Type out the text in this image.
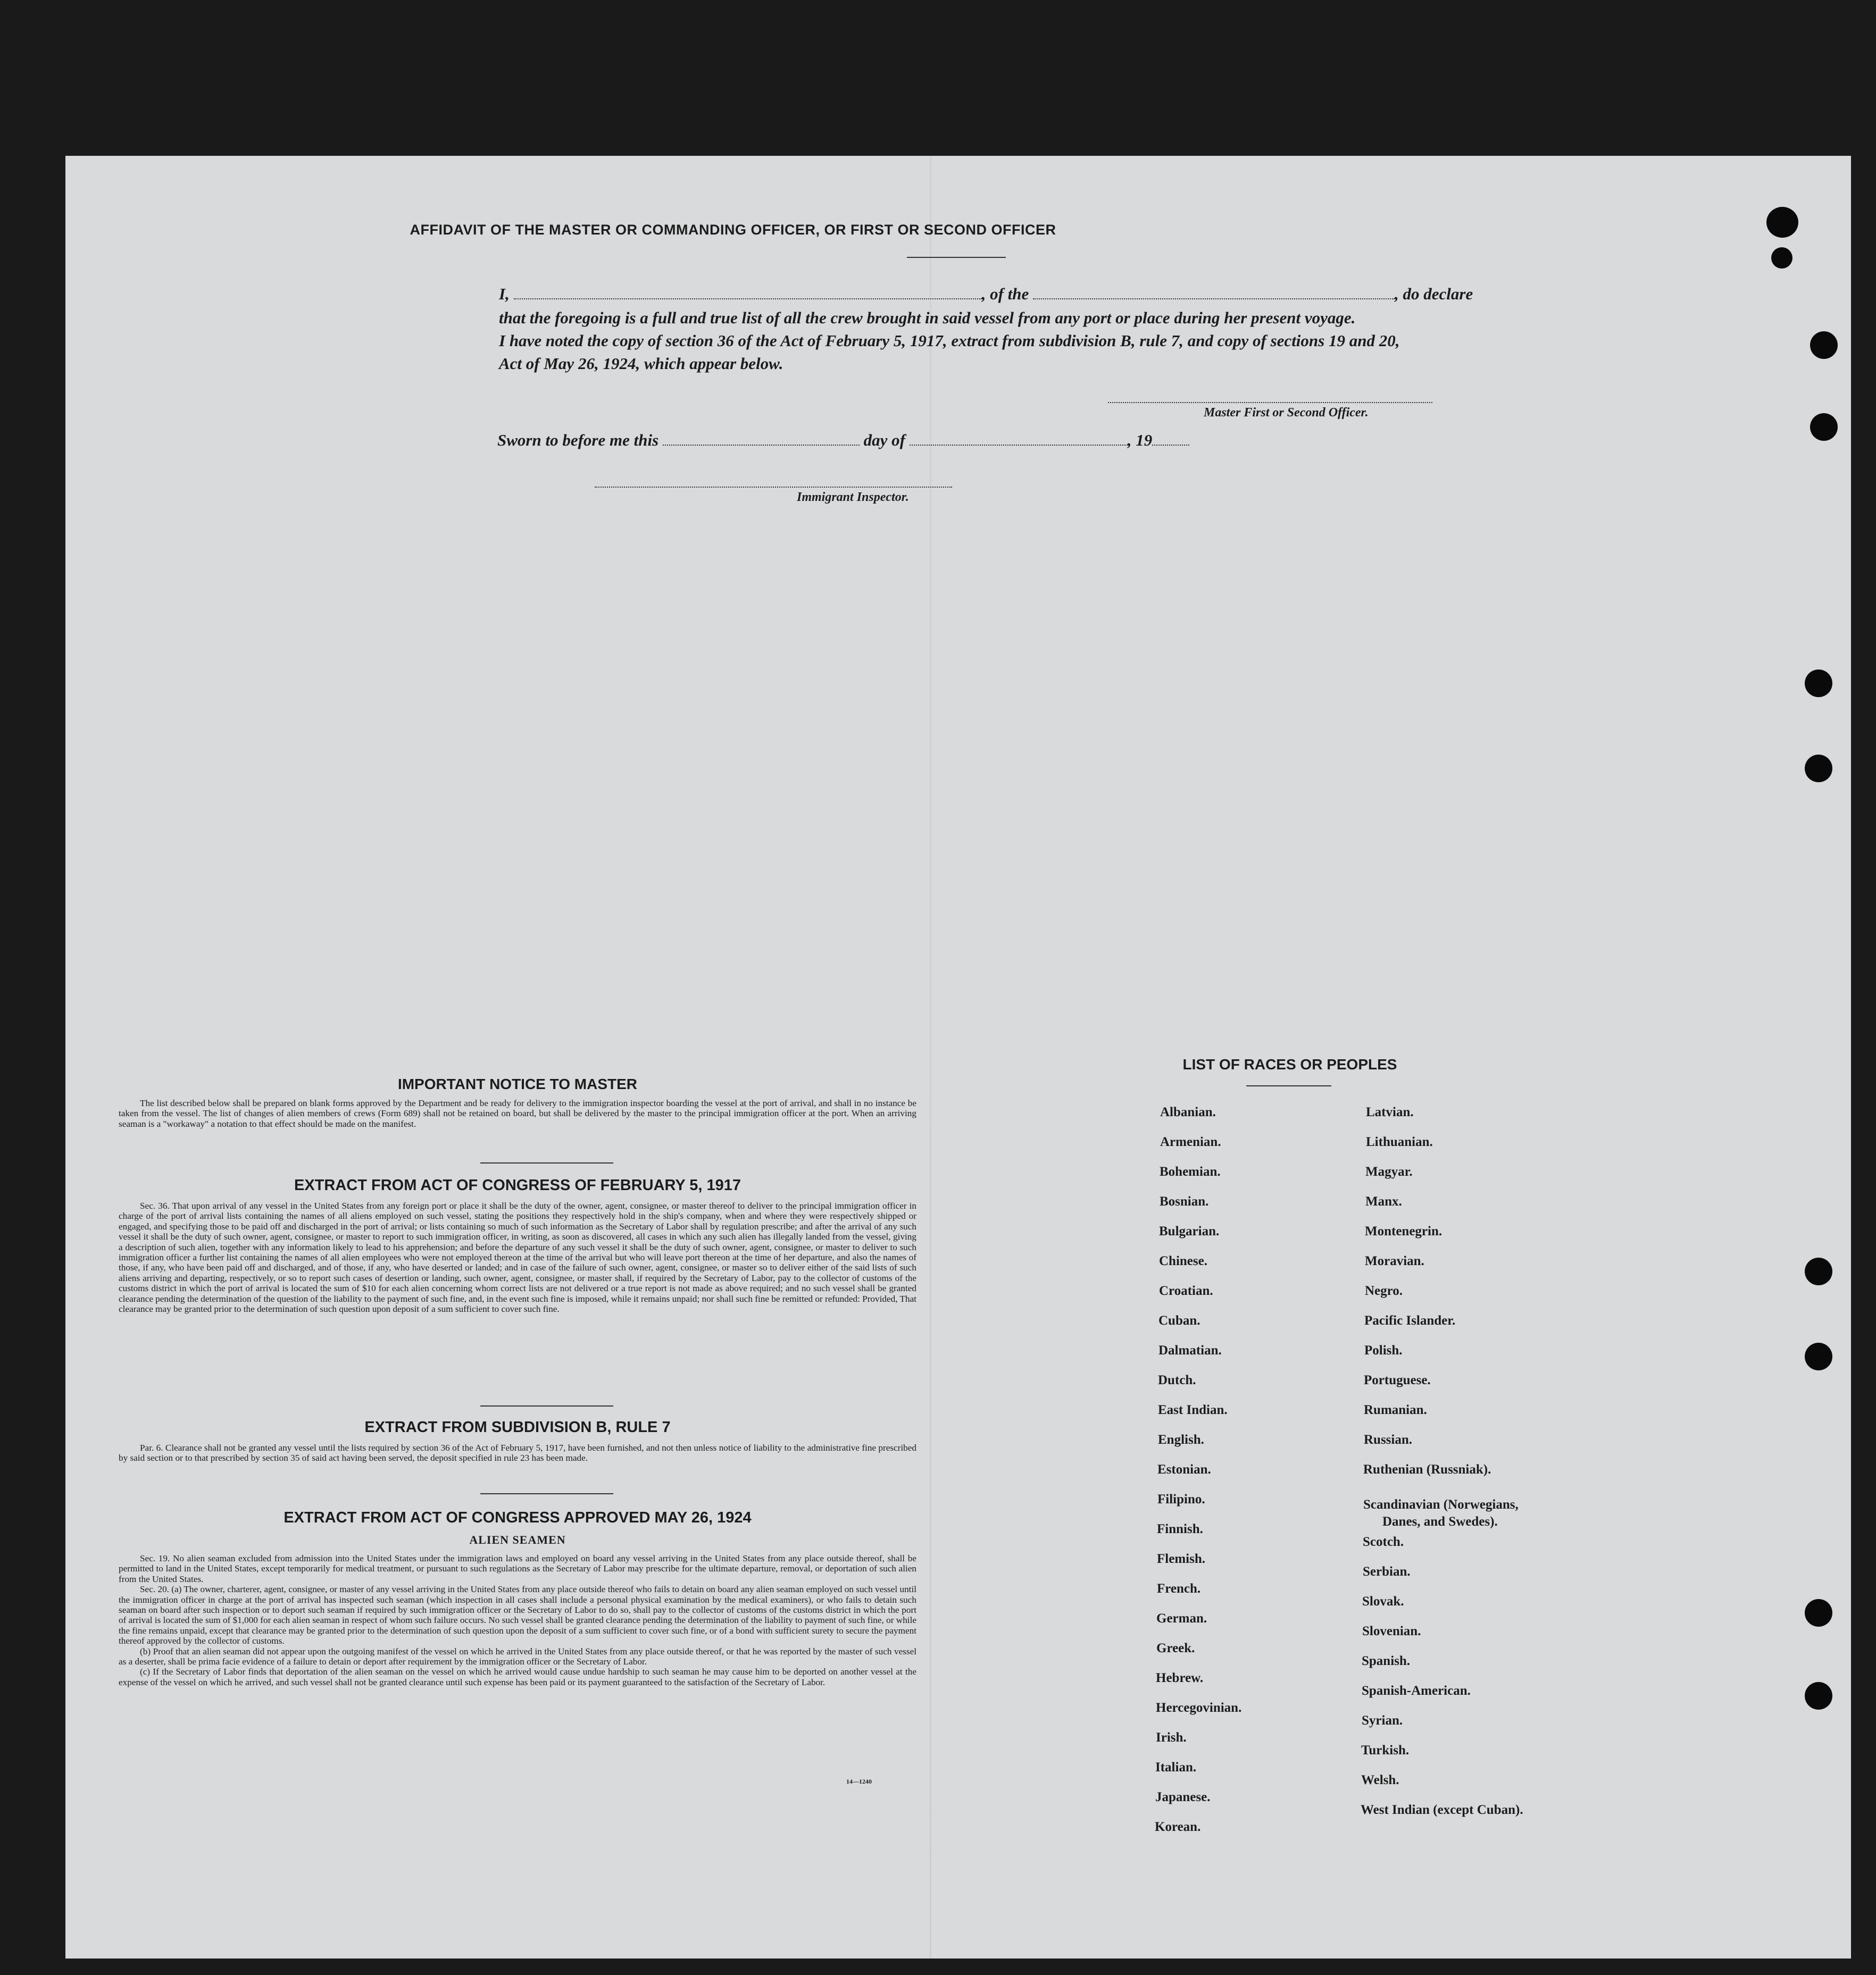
AFFIDAVIT OF THE MASTER OR COMMANDING OFFICER, OR FIRST OR SECOND OFFICER
I,	, of the	, do declare
that the foregoing is a full and true list of all the crew brought in said vessel from any port or place during her present voyage.
I have noted the copy of section 36 of the Act of February 5, 1917, extract from subdivision B, rule 7, and copy of sections 19 and 20,
Act of May 26, 1924, which appear below.
Master First or Second Officer.
Sworn to before me this	day of	, 19
Immigrant Inspector.
IMPORTANT NOTICE TO MASTER

The list described below shall be prepared on blank forms approved by the Department and be ready for delivery to the immigration inspector boarding the vessel at the port of arrival, and shall in no instance be taken from the vessel. The list of changes of alien members of crews (Form 689) shall not be retained on board, but shall be delivered by the master to the principal immigration officer at the port. When an arriving seaman is a "workaway" a notation to that effect should be made on the manifest.

EXTRACT FROM ACT OF CONGRESS OF FEBRUARY 5, 1917

Sec. 36. That upon arrival of any vessel in the United States from any foreign port or place it shall be the duty of the owner, agent, consignee, or master thereof to deliver to the principal immigration officer in charge of the port of arrival lists containing the names of all aliens employed on such vessel, stating the positions they respectively hold in the ship's company, when and where they were respectively shipped or engaged, and specifying those to be paid off and discharged in the port of arrival; or lists containing so much of such information as the Secretary of Labor shall by regulation prescribe; and after the arrival of any such vessel it shall be the duty of such owner, agent, consignee, or master to report to such immigration officer, in writing, as soon as discovered, all cases in which any such alien has illegally landed from the vessel, giving a description of such alien, together with any information likely to lead to his apprehension; and before the departure of any such vessel it shall be the duty of such owner, agent, consignee, or master to deliver to such immigration officer a further list containing the names of all alien employees who were not employed thereon at the time of the arrival but who will leave port thereon at the time of her departure, and also the names of those, if any, who have been paid off and discharged, and of those, if any, who have deserted or landed; and in case of the failure of such owner, agent, consignee, or master so to deliver either of the said lists of such aliens arriving and departing, respectively, or so to report such cases of desertion or landing, such owner, agent, consignee, or master shall, if required by the Secretary of Labor, pay to the collector of customs of the customs district in which the port of arrival is located the sum of $10 for each alien concerning whom correct lists are not delivered or a true report is not made as above required; and no such vessel shall be granted clearance pending the determination of the question of the liability to the payment of such fine, and, in the event such fine is imposed, while it remains unpaid; nor shall such fine be remitted or refunded: Provided, That clearance may be granted prior to the determination of such question upon deposit of a sum sufficient to cover such fine.

EXTRACT FROM SUBDIVISION B, RULE 7

Par. 6. Clearance shall not be granted any vessel until the lists required by section 36 of the Act of February 5, 1917, have been furnished, and not then unless notice of liability to the administrative fine prescribed by said section or to that prescribed by section 35 of said act having been served, the deposit specified in rule 23 has been made.

EXTRACT FROM ACT OF CONGRESS APPROVED MAY 26, 1924
ALIEN SEAMEN

Sec. 19. No alien seaman excluded from admission into the United States under the immigration laws and employed on board any vessel arriving in the United States from any place outside thereof, shall be permitted to land in the United States, except temporarily for medical treatment, or pursuant to such regulations as the Secretary of Labor may prescribe for the ultimate departure, removal, or deportation of such alien from the United States.

Sec. 20. (a) The owner, charterer, agent, consignee, or master of any vessel arriving in the United States from any place outside thereof who fails to detain on board any alien seaman employed on such vessel until the immigration officer in charge at the port of arrival has inspected such seaman (which inspection in all cases shall include a personal physical examination by the medical examiners), or who fails to detain such seaman on board after such inspection or to deport such seaman if required by such immigration officer or the Secretary of Labor to do so, shall pay to the collector of customs of the customs district in which the port of arrival is located the sum of $1,000 for each alien seaman in respect of whom such failure occurs. No such vessel shall be granted clearance pending the determination of the liability to payment of such fine, or while the fine remains unpaid, except that clearance may be granted prior to the determination of such question upon the deposit of a sum sufficient to cover such fine, or of a bond with sufficient surety to secure the payment thereof approved by the collector of customs.

(b) Proof that an alien seaman did not appear upon the outgoing manifest of the vessel on which he arrived in the United States from any place outside thereof, or that he was reported by the master of such vessel as a deserter, shall be prima facie evidence of a failure to detain or deport after requirement by the immigration officer or the Secretary of Labor.

(c) If the Secretary of Labor finds that deportation of the alien seaman on the vessel on which he arrived would cause undue hardship to such seaman he may cause him to be deported on another vessel at the expense of the vessel on which he arrived, and such vessel shall not be granted clearance until such expense has been paid or its payment guaranteed to the satisfaction of the Secretary of Labor.

14—1240
LIST OF RACES OR PEOPLES
Albanian.
Armenian.
Bohemian.
Bosnian.
Bulgarian.
Chinese.
Croatian.
Cuban.
Dalmatian.
Dutch.
East Indian.
English.
Estonian.
Filipino.
Finnish.
Flemish.
French.
German.
Greek.
Hebrew.
Hercegovinian.
Irish.
Italian.
Japanese.
Korean.
Latvian.
Lithuanian.
Magyar.
Manx.
Montenegrin.
Moravian.
Negro.
Pacific Islander.
Polish.
Portuguese.
Rumanian.
Russian.
Ruthenian (Russniak).
Scandinavian (Norwegians,
Danes, and Swedes).
Scotch.
Serbian.
Slovak.
Slovenian.
Spanish.
Spanish-American.
Syrian.
Turkish.
Welsh.
West Indian (except Cuban).
